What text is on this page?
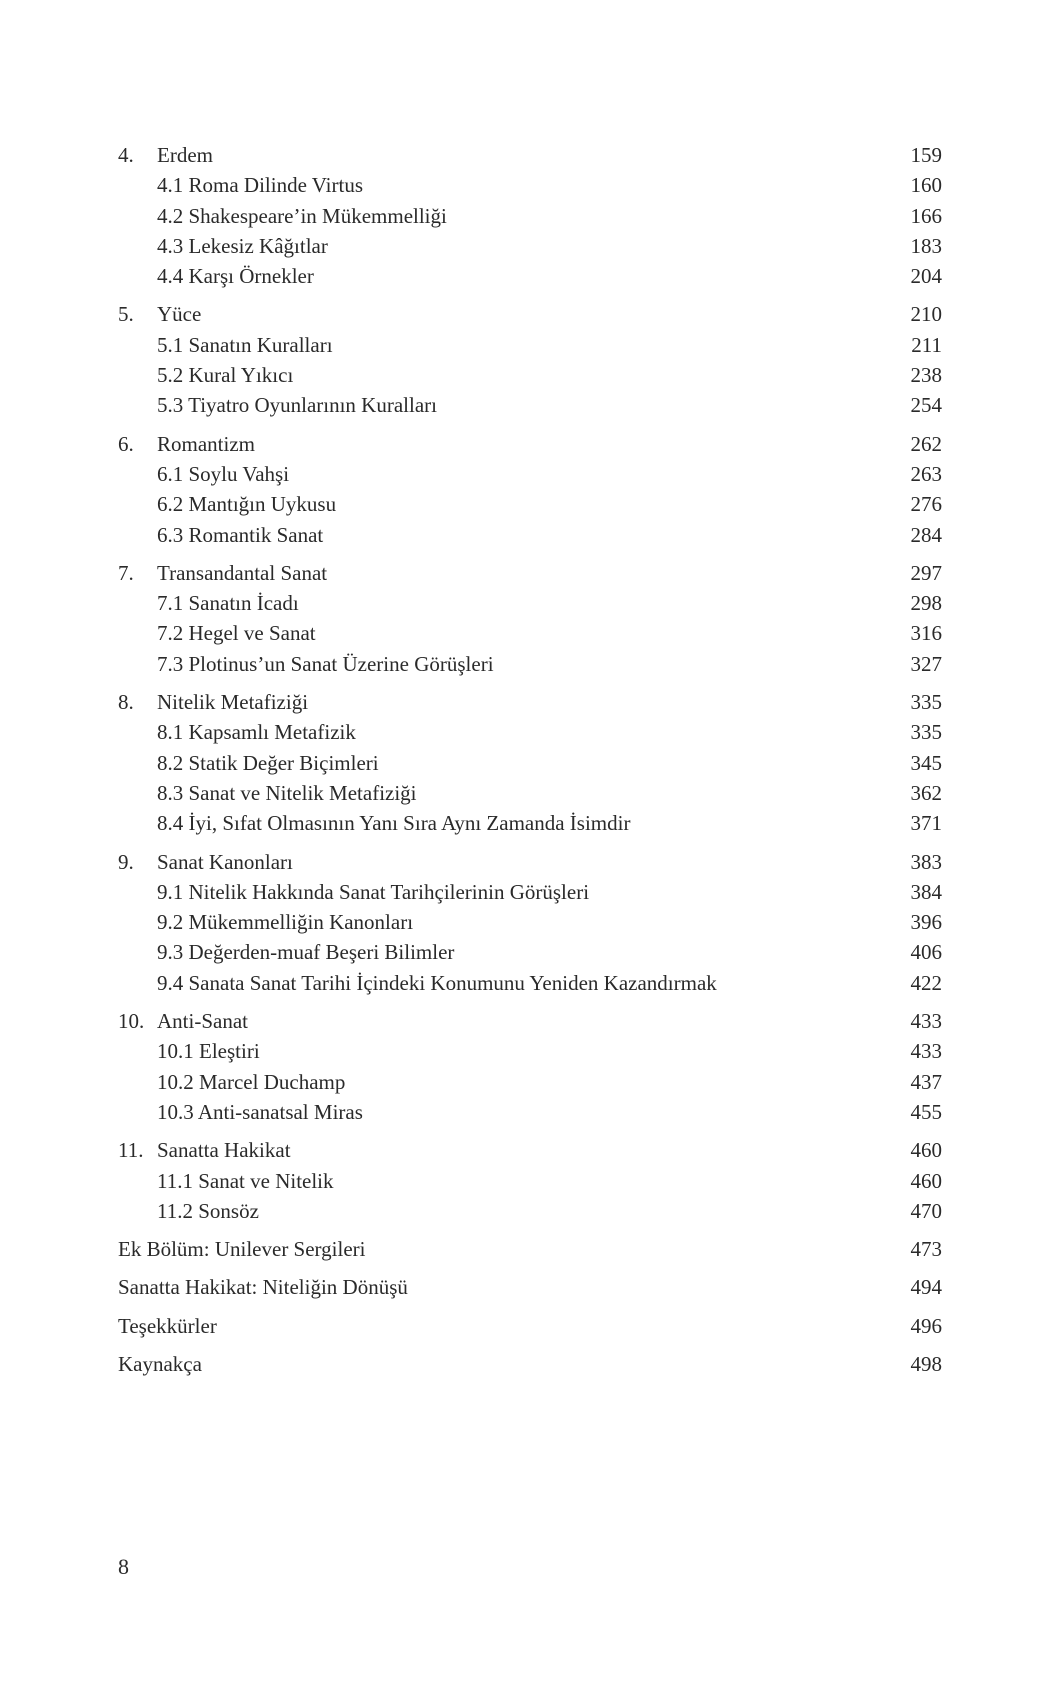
4.	Erdem	159
4.1 Roma Dilinde Virtus	160
4.2 Shakespeare’in Mükemmelliği	166
4.3 Lekesiz Kâğıtlar	183
4.4 Karşı Örnekler	204
5.	Yüce	210
5.1 Sanatın Kuralları	211
5.2 Kural Yıkıcı	238
5.3 Tiyatro Oyunlarının Kuralları	254
6.	Romantizm	262
6.1 Soylu Vahşi	263
6.2 Mantığın Uykusu	276
6.3 Romantik Sanat	284
7.	Transandantal Sanat	297
7.1 Sanatın İcadı	298
7.2 Hegel ve Sanat	316
7.3 Plotinus’un Sanat Üzerine Görüşleri	327
8.	Nitelik Metafiziği	335
8.1 Kapsamlı Metafizik	335
8.2 Statik Değer Biçimleri	345
8.3 Sanat ve Nitelik Metafiziği	362
8.4 İyi, Sıfat Olmasının Yanı Sıra Aynı Zamanda İsimdir	371
9.	Sanat Kanonları	383
9.1 Nitelik Hakkında Sanat Tarihçilerinin Görüşleri	384
9.2 Mükemmelliğin Kanonları	396
9.3 Değerden-muaf Beşeri Bilimler	406
9.4 Sanata Sanat Tarihi İçindeki Konumunu Yeniden Kazandırmak	422
10. Anti-Sanat	433
10.1 Eleştiri	433
10.2 Marcel Duchamp	437
10.3 Anti-sanatsal Miras	455
11. Sanatta Hakikat	460
11.1 Sanat ve Nitelik	460
11.2 Sonsöz	470
Ek Bölüm: Unilever Sergileri	473
Sanatta Hakikat: Niteliğin Dönüşü	494
Teşekkürler	496
Kaynakça	498
8
